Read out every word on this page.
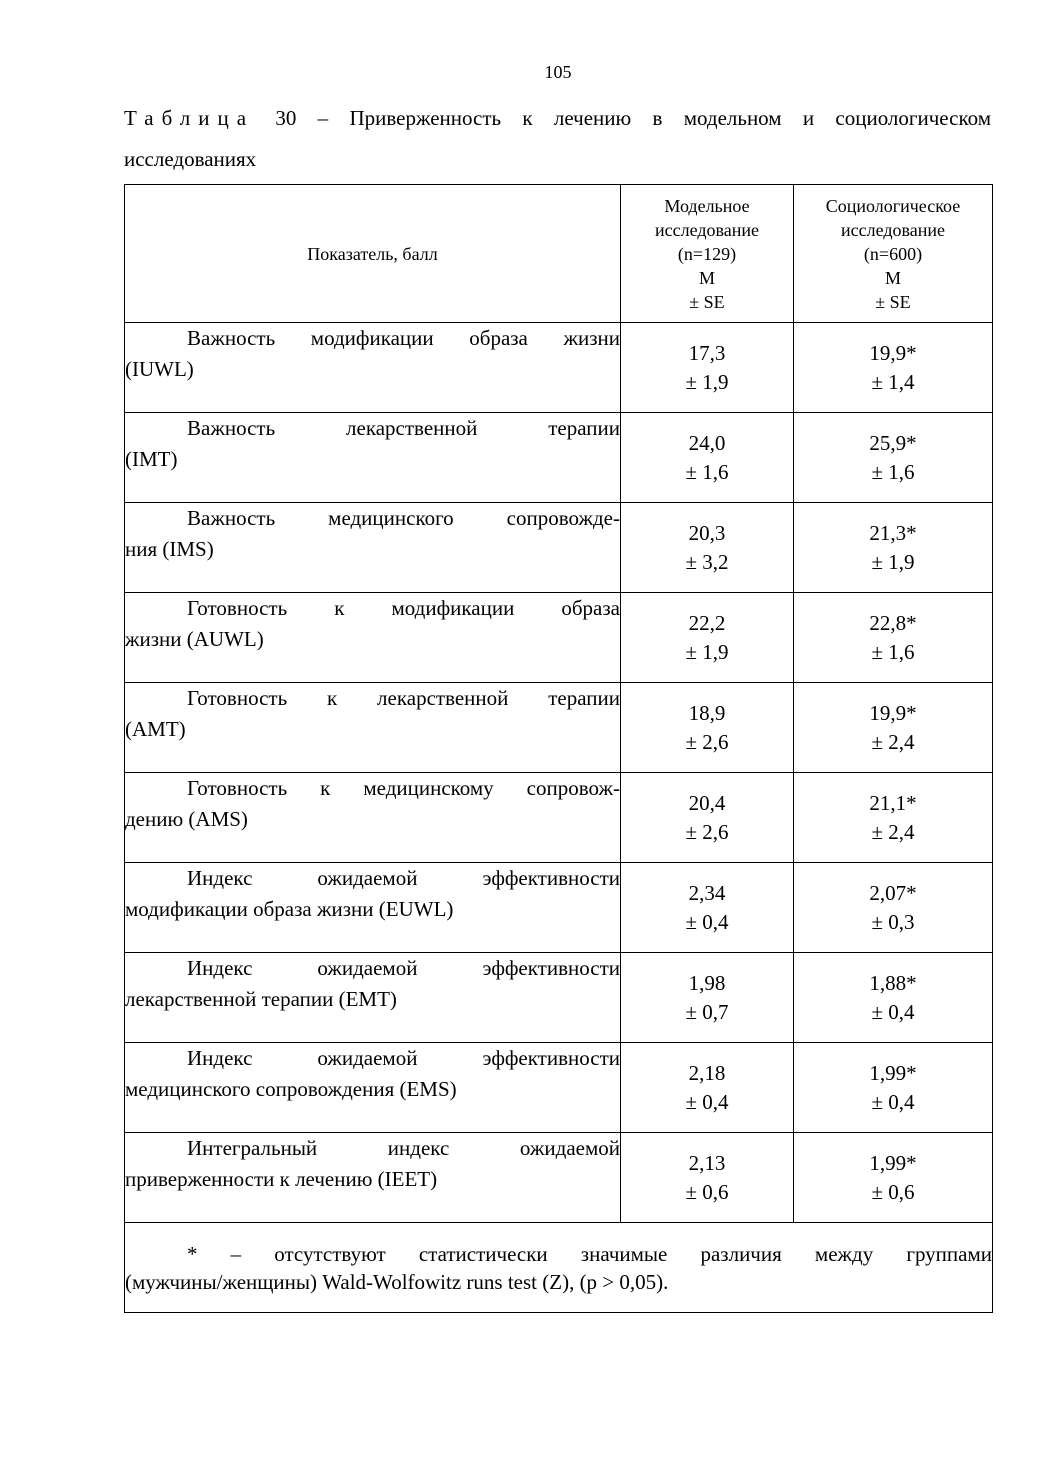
105
Таблица 30 – Приверженность к лечению в модельном и социологическом
исследованиях
Показатель, балл	Модельное
исследование
(n=129)
M
± SE	Социологическое
исследование
(n=600)
M
± SE

Важность модификации образа жизни
(IUWL)	17,3
± 1,9	19,9*
± 1,4

Важность лекарственной терапии
(IMT)	24,0
± 1,6	25,9*
± 1,6

Важность медицинского сопровожде-
ния (IMS)	20,3
± 3,2	21,3*
± 1,9

Готовность к модификации образа
жизни (AUWL)	22,2
± 1,9	22,8*
± 1,6

Готовность к лекарственной терапии
(AMT)	18,9
± 2,6	19,9*
± 2,4

Готовность к медицинскому сопровож-
дению (AMS)	20,4
± 2,6	21,1*
± 2,4

Индекс ожидаемой эффективности
модификации образа жизни (EUWL)	2,34
± 0,4	2,07*
± 0,3

Индекс ожидаемой эффективности
лекарственной терапии (EMT)	1,98
± 0,7	1,88*
± 0,4

Индекс ожидаемой эффективности
медицинского сопровождения (EMS)	2,18
± 0,4	1,99*
± 0,4

Интегральный индекс ожидаемой
приверженности к лечению (IEET)	2,13
± 0,6	1,99*
± 0,6

* – отсутствуют статистически значимые различия между группами
(мужчины/женщины) Wald-Wolfowitz runs test (Z), (p > 0,05).		
